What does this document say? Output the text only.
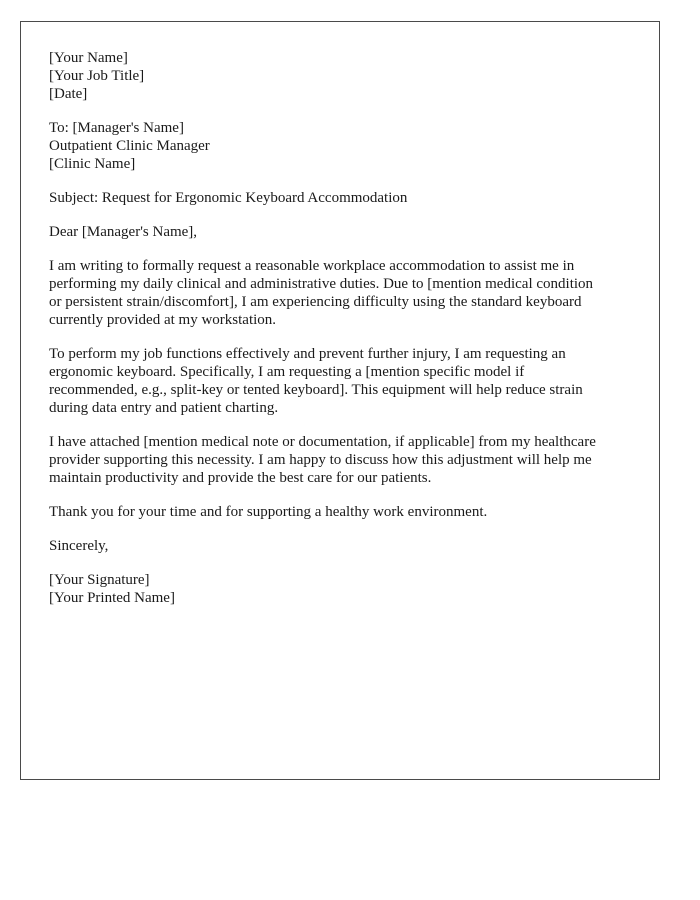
[Your Name]
[Your Job Title]
[Date]
To: [Manager's Name]
Outpatient Clinic Manager
[Clinic Name]
Subject: Request for Ergonomic Keyboard Accommodation
Dear [Manager's Name],
I am writing to formally request a reasonable workplace accommodation to assist me in
performing my daily clinical and administrative duties. Due to [mention medical condition
or persistent strain/discomfort], I am experiencing difficulty using the standard keyboard
currently provided at my workstation.
To perform my job functions effectively and prevent further injury, I am requesting an
ergonomic keyboard. Specifically, I am requesting a [mention specific model if
recommended, e.g., split-key or tented keyboard]. This equipment will help reduce strain
during data entry and patient charting.
I have attached [mention medical note or documentation, if applicable] from my healthcare
provider supporting this necessity. I am happy to discuss how this adjustment will help me
maintain productivity and provide the best care for our patients.
Thank you for your time and for supporting a healthy work environment.
Sincerely,
[Your Signature]
[Your Printed Name]
